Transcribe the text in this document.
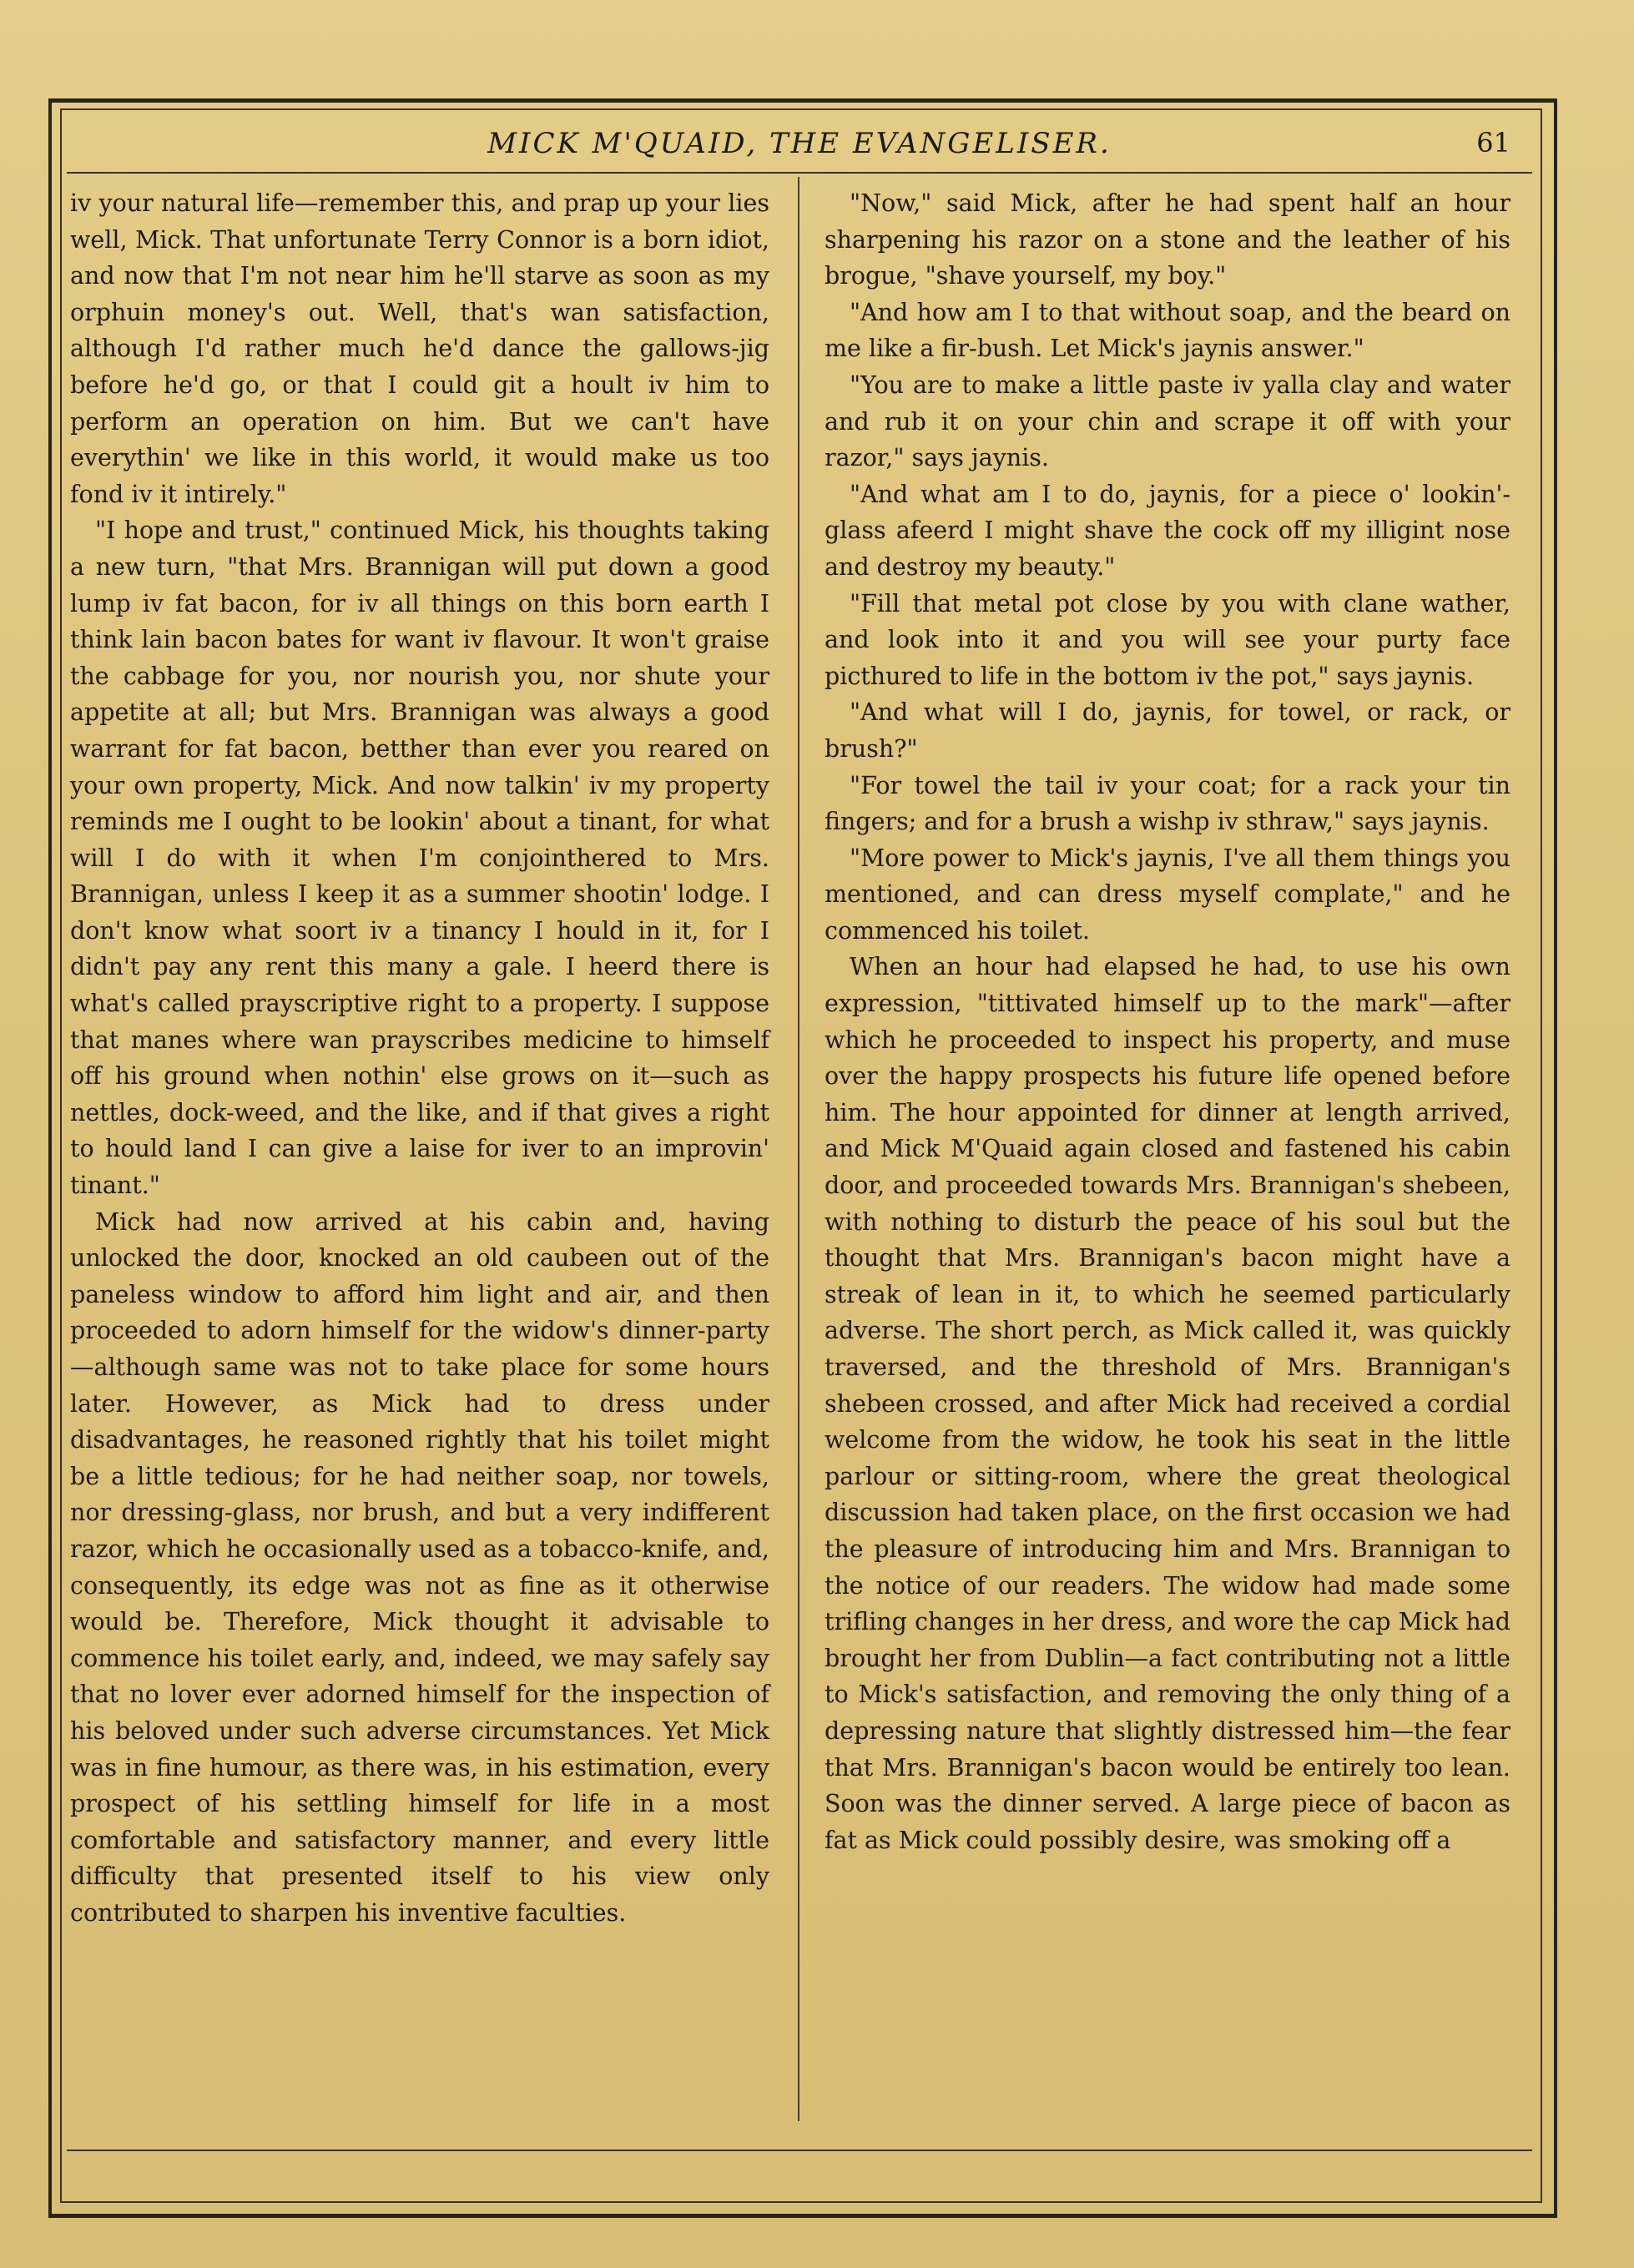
MICK M'QUAID, THE EVANGELISER.	61

iv your natural life—remember this, and prap up your lies well, Mick. That unfortunate Terry Connor is a born idiot, and now that I'm not near him he'll starve as soon as my orphuin money's out. Well, that's wan satisfaction, although I'd rather much he'd dance the gallows-jig before he'd go, or that I could git a hoult iv him to perform an operation on him. But we can't have everythin' we like in this world, it would make us too fond iv it intirely."

"I hope and trust," continued Mick, his thoughts taking a new turn, "that Mrs. Brannigan will put down a good lump iv fat bacon, for iv all things on this born earth I think lain bacon bates for want iv flavour. It won't graise the cabbage for you, nor nourish you, nor shute your appetite at all; but Mrs. Brannigan was always a good warrant for fat bacon, betther than ever you reared on your own property, Mick. And now talkin' iv my property reminds me I ought to be lookin' about a tinant, for what will I do with it when I'm conjointhered to Mrs. Brannigan, unless I keep it as a summer shootin' lodge. I don't know what soort iv a tinancy I hould in it, for I didn't pay any rent this many a gale. I heerd there is what's called prayscriptive right to a property. I suppose that manes where wan prayscribes medicine to himself off his ground when nothin' else grows on it—such as nettles, dock-weed, and the like, and if that gives a right to hould land I can give a laise for iver to an improvin' tinant."

Mick had now arrived at his cabin and, having unlocked the door, knocked an old caubeen out of the paneless window to afford him light and air, and then proceeded to adorn himself for the widow's dinner-party—although same was not to take place for some hours later. However, as Mick had to dress under disadvantages, he reasoned rightly that his toilet might be a little tedious; for he had neither soap, nor towels, nor dressing-glass, nor brush, and but a very indifferent razor, which he occasionally used as a tobacco-knife, and, consequently, its edge was not as fine as it otherwise would be. Therefore, Mick thought it advisable to commence his toilet early, and, indeed, we may safely say that no lover ever adorned himself for the inspection of his beloved under such adverse circumstances. Yet Mick was in fine humour, as there was, in his estimation, every prospect of his settling himself for life in a most comfortable and satisfactory manner, and every little difficulty that presented itself to his view only contributed to sharpen his inventive faculties.

"Now," said Mick, after he had spent half an hour sharpening his razor on a stone and the leather of his brogue, "shave yourself, my boy."

"And how am I to that without soap, and the beard on me like a fir-bush. Let Mick's jaynis answer."

"You are to make a little paste iv yalla clay and water and rub it on your chin and scrape it off with your razor," says jaynis.

"And what am I to do, jaynis, for a piece o' lookin'-glass afeerd I might shave the cock off my illigint nose and destroy my beauty."

"Fill that metal pot close by you with clane wather, and look into it and you will see your purty face picthured to life in the bottom iv the pot," says jaynis.

"And what will I do, jaynis, for towel, or rack, or brush?"

"For towel the tail iv your coat; for a rack your tin fingers; and for a brush a wishp iv sthraw," says jaynis.

"More power to Mick's jaynis, I've all them things you mentioned, and can dress myself complate," and he commenced his toilet.

When an hour had elapsed he had, to use his own expression, "tittivated himself up to the mark"—after which he proceeded to inspect his property, and muse over the happy prospects his future life opened before him. The hour appointed for dinner at length arrived, and Mick M'Quaid again closed and fastened his cabin door, and proceeded towards Mrs. Brannigan's shebeen, with nothing to disturb the peace of his soul but the thought that Mrs. Brannigan's bacon might have a streak of lean in it, to which he seemed particularly adverse. The short perch, as Mick called it, was quickly traversed, and the threshold of Mrs. Brannigan's shebeen crossed, and after Mick had received a cordial welcome from the widow, he took his seat in the little parlour or sitting-room, where the great theological discussion had taken place, on the first occasion we had the pleasure of introducing him and Mrs. Brannigan to the notice of our readers. The widow had made some trifling changes in her dress, and wore the cap Mick had brought her from Dublin—a fact contributing not a little to Mick's satisfaction, and removing the only thing of a depressing nature that slightly distressed him—the fear that Mrs. Brannigan's bacon would be entirely too lean. Soon was the dinner served. A large piece of bacon as fat as Mick could possibly desire, was smoking off a
